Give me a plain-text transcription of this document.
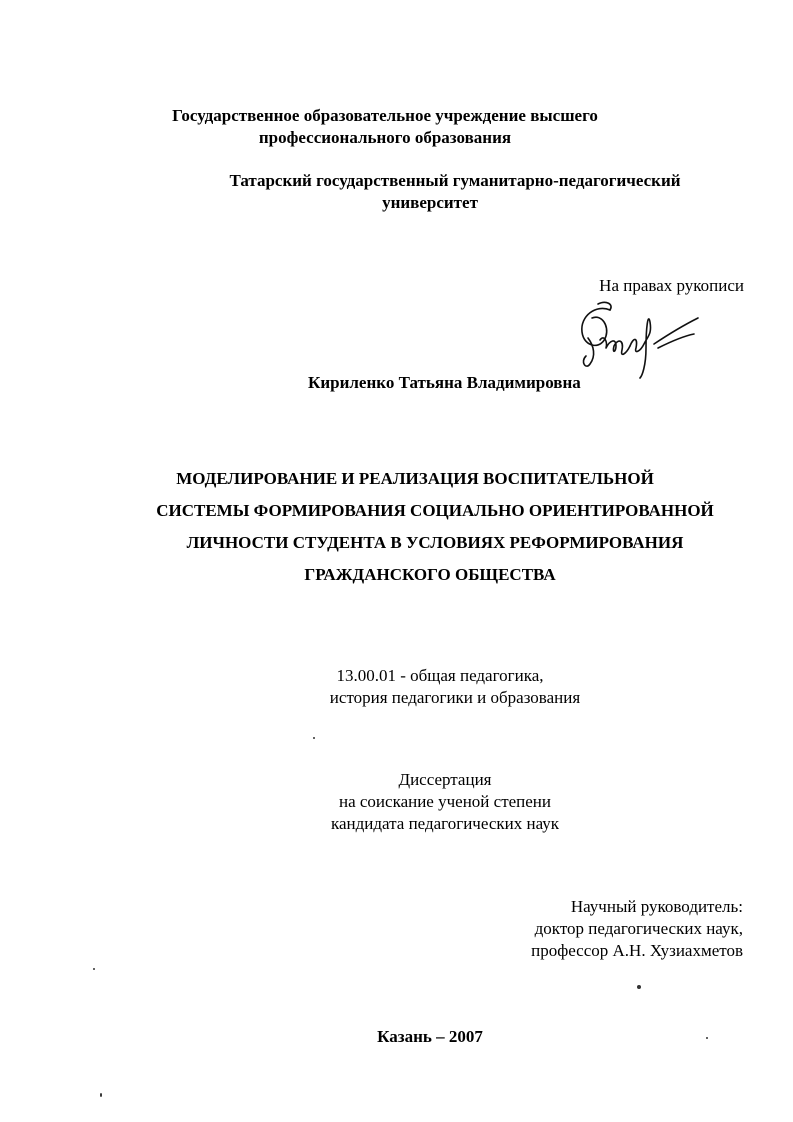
Государственное образовательное учреждение высшего
профессионального образования
Татарский государственный гуманитарно-педагогический
университет
На правах рукописи
Кириленко Татьяна Владимировна
МОДЕЛИРОВАНИЕ И РЕАЛИЗАЦИЯ ВОСПИТАТЕЛЬНОЙ
СИСТЕМЫ ФОРМИРОВАНИЯ СОЦИАЛЬНО ОРИЕНТИРОВАННОЙ
ЛИЧНОСТИ СТУДЕНТА В УСЛОВИЯХ РЕФОРМИРОВАНИЯ
ГРАЖДАНСКОГО ОБЩЕСТВА
13.00.01 - общая педагогика,
история педагогики и образования
Диссертация
на соискание ученой степени
кандидата педагогических наук
Научный руководитель:
доктор педагогических наук,
профессор А.Н. Хузиахметов
Казань – 2007
